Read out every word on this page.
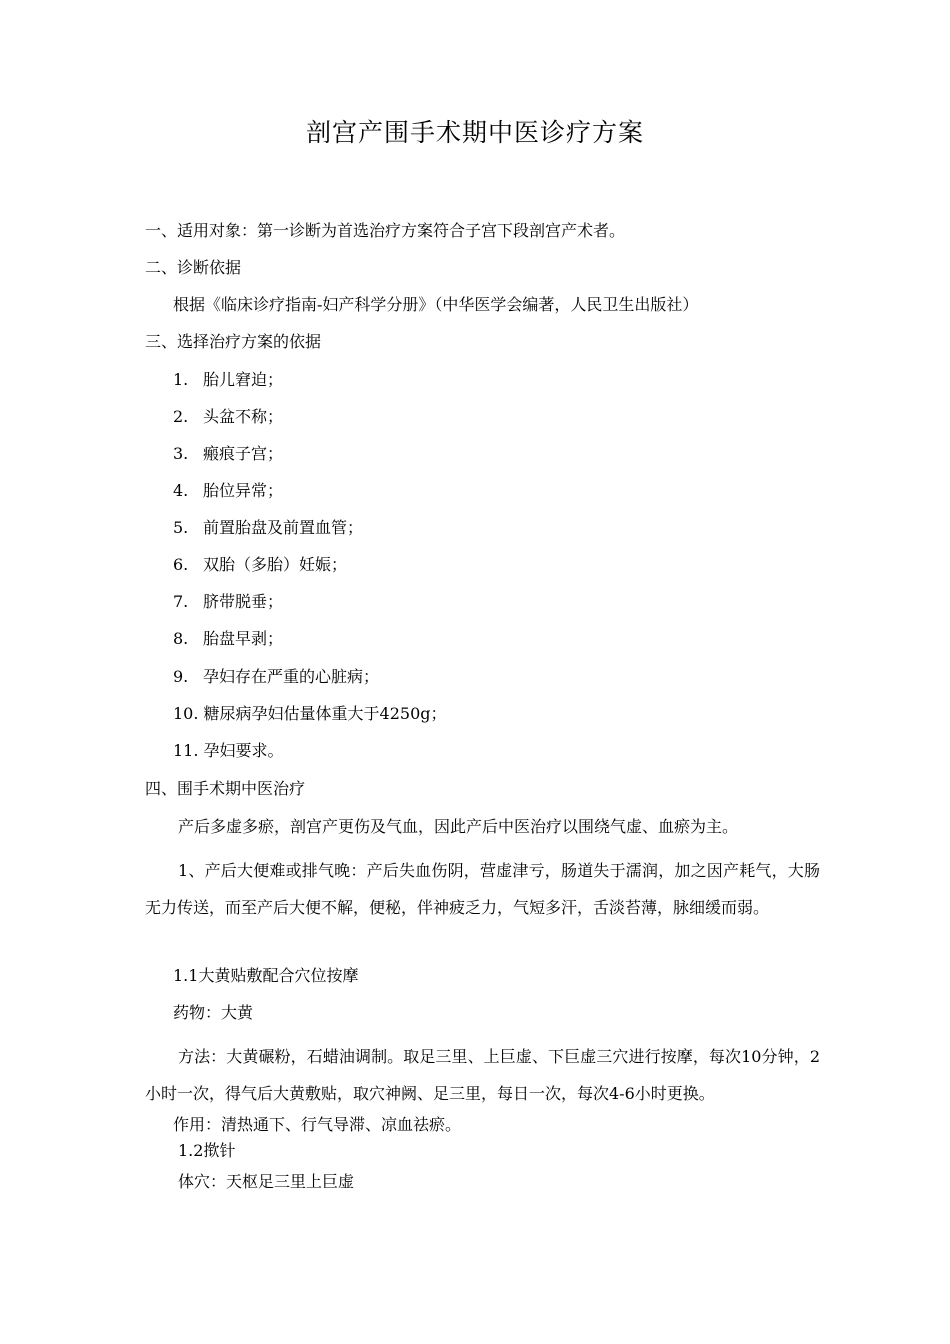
剖宫产围手术期中医诊疗方案
一、适用对象：第一诊断为首选治疗方案符合子宫下段剖宫产术者。
二、诊断依据
根据《临床诊疗指南-妇产科学分册》（中华医学会编著，人民卫生出版社）
三、选择治疗方案的依据
1. 胎儿窘迫；
2. 头盆不称；
3. 瘢痕子宫；
4. 胎位异常；
5. 前置胎盘及前置血管；
6. 双胎（多胎）妊娠；
7. 脐带脱垂；
8. 胎盘早剥；
9. 孕妇存在严重的心脏病；
10. 糖尿病孕妇估量体重大于4250g；
11. 孕妇要求。
四、围手术期中医治疗
产后多虚多瘀，剖宫产更伤及气血，因此产后中医治疗以围绕气虚、血瘀为主。
1、产后大便难或排气晚：产后失血伤阴，营虚津亏，肠道失于濡润，加之因产耗气，大肠无力传送，而至产后大便不解，便秘，伴神疲乏力，气短多汗，舌淡苔薄，脉细缓而弱。
1.1大黄贴敷配合穴位按摩
药物：大黄
方法：大黄碾粉，石蜡油调制。取足三里、上巨虚、下巨虚三穴进行按摩，每次10分钟，2小时一次，得气后大黄敷贴，取穴神阙、足三里，每日一次，每次4-6小时更换。
作用：清热通下、行气导滞、凉血祛瘀。
1.2揿针
体穴：天枢足三里上巨虚
